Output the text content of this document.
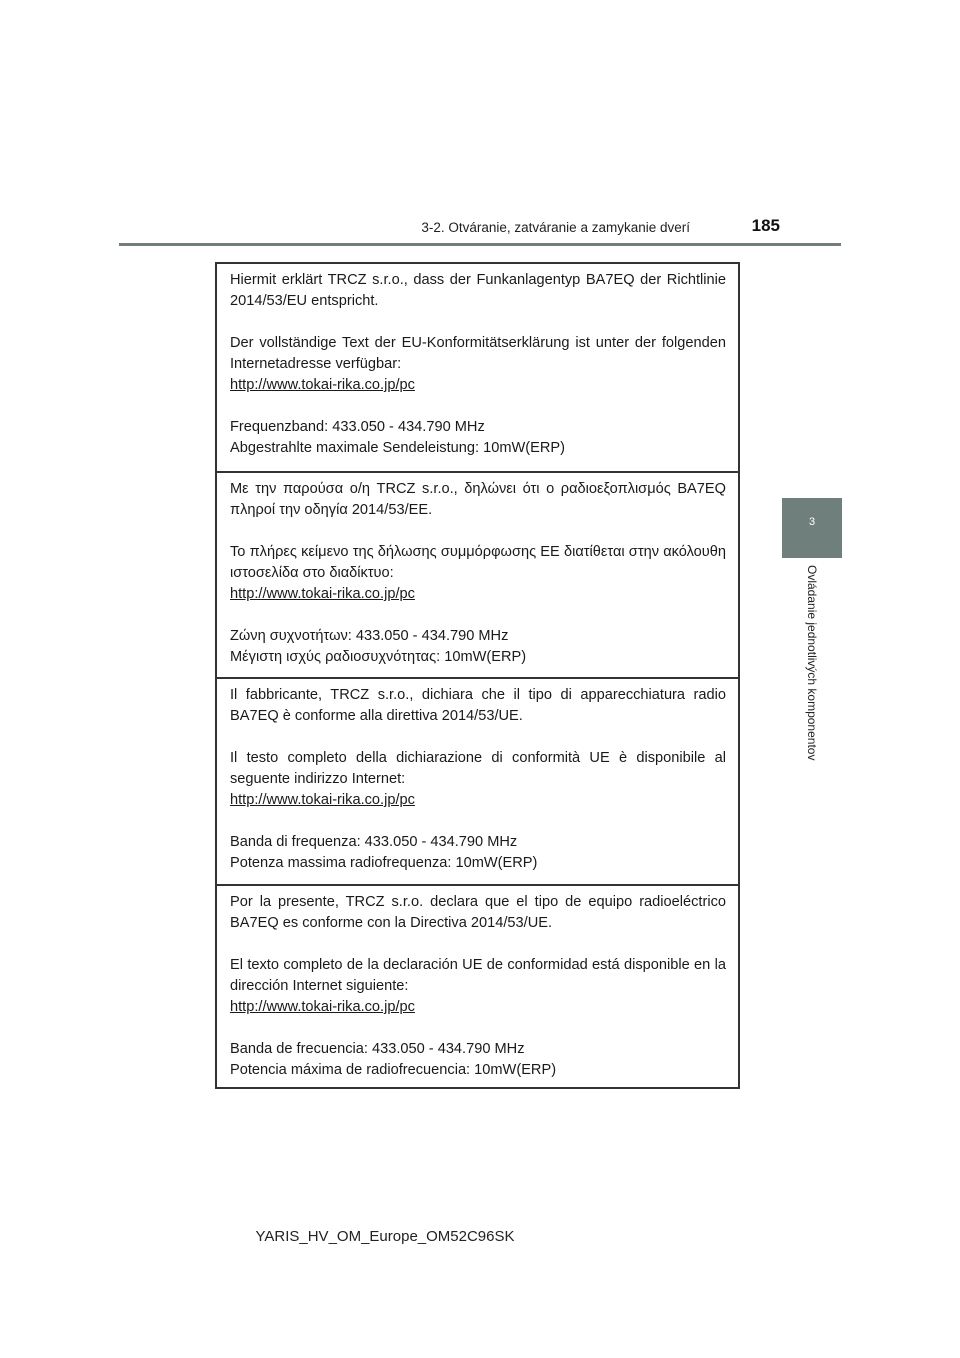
3-2. Otváranie, zatváranie a zamykanie dverí	185
3
Ovládanie jednotlivých komponentov

Hiermit erklärt TRCZ s.r.o., dass der Funkanlagentyp BA7EQ der Richtlinie 2014/53/EU entspricht.

Der vollständige Text der EU-Konformitätserklärung ist unter der folgenden Internetadresse verfügbar:

http://www.tokai-rika.co.jp/pc

Frequenzband: 433.050 - 434.790 MHz

Abgestrahlte maximale Sendeleistung: 10mW(ERP)

Με την παρούσα ο/η TRCZ s.r.o., δηλώνει ότι ο ραδιοεξοπλισμός BA7EQ πληροί την οδηγία 2014/53/ΕΕ.

Το πλήρες κείμενο της δήλωσης συμμόρφωσης ΕΕ διατίθεται στην ακόλουθη ιστοσελίδα στο διαδίκτυο:

http://www.tokai-rika.co.jp/pc

Ζώνη συχνοτήτων: 433.050 - 434.790 MHz

Μέγιστη ισχύς ραδιοσυχνότητας: 10mW(ERP)

Il fabbricante, TRCZ s.r.o., dichiara che il tipo di apparecchiatura radio BA7EQ è conforme alla direttiva 2014/53/UE.

Il testo completo della dichiarazione di conformità UE è disponibile al seguente indirizzo Internet:

http://www.tokai-rika.co.jp/pc

Banda di frequenza: 433.050 - 434.790 MHz

Potenza massima radiofrequenza: 10mW(ERP)

Por la presente, TRCZ s.r.o. declara que el tipo de equipo radioeléctrico BA7EQ es conforme con la Directiva 2014/53/UE.

El texto completo de la declaración UE de conformidad está disponible en la dirección Internet siguiente:

http://www.tokai-rika.co.jp/pc

Banda de frecuencia: 433.050 - 434.790 MHz

Potencia máxima de radiofrecuencia: 10mW(ERP)

YARIS_HV_OM_Europe_OM52C96SK
